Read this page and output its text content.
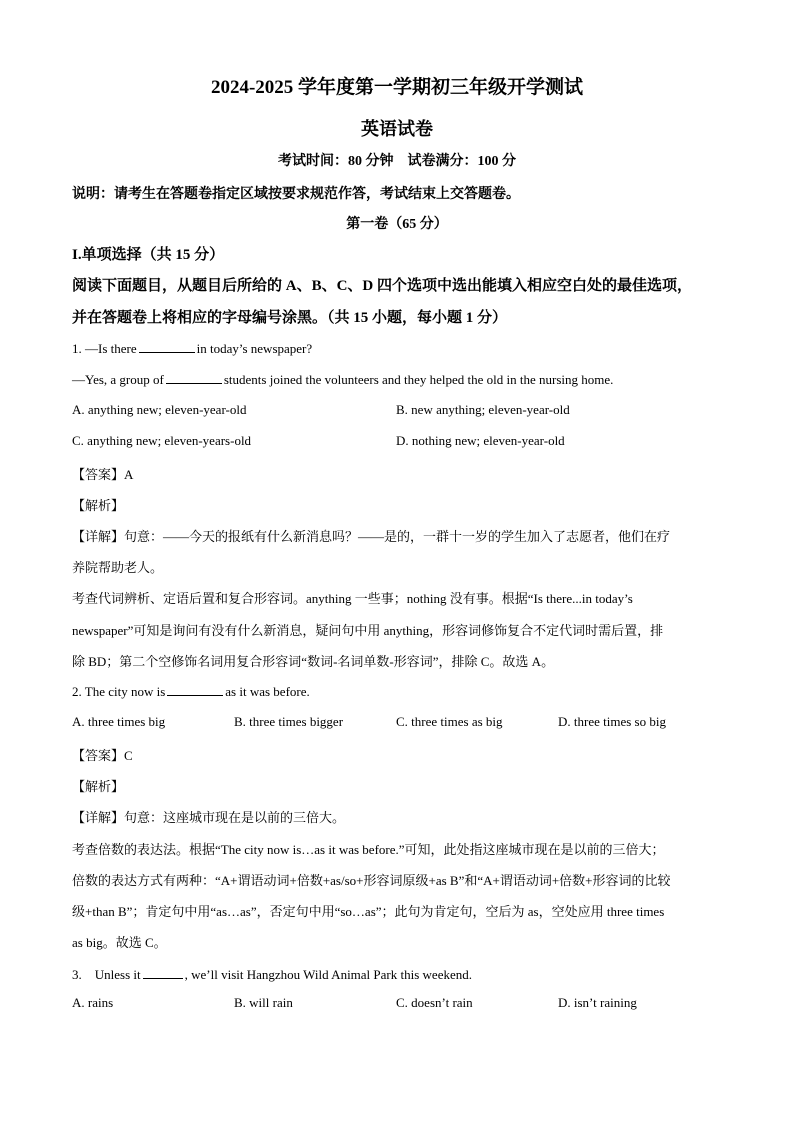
2024-2025 学年度第一学期初三年级开学测试
英语试卷
考试时间：80 分钟　试卷满分：100 分
说明：请考生在答题卷指定区域按要求规范作答，考试结束上交答题卷。
第一卷（65 分）
I.单项选择（共 15 分）
阅读下面题目，从题目后所给的 A、B、C、D 四个选项中选出能填入相应空白处的最佳选项，
并在答题卷上将相应的字母编号涂黑。（共 15 小题，每小题 1 分）
1. —Is there	in today’s newspaper?
—Yes, a group of	students joined the volunteers and they helped the old in the nursing home.
A. anything new; eleven-year-old	B. new anything; eleven-year-old
C. anything new; eleven-years-old	D. nothing new; eleven-year-old
【答案】A
【解析】
【详解】句意：——今天的报纸有什么新消息吗？——是的，一群十一岁的学生加入了志愿者，他们在疗
养院帮助老人。
考查代词辨析、定语后置和复合形容词。anything 一些事；nothing 没有事。根据“Is there...in today’s
newspaper”可知是询问有没有什么新消息，疑问句中用 anything，形容词修饰复合不定代词时需后置，排
除 BD；第二个空修饰名词用复合形容词“数词-名词单数-形容词”，排除 C。故选 A。
2. The city now is	as it was before.
A. three times big	B. three times bigger	C. three times as big	D. three times so big
【答案】C
【解析】
【详解】句意：这座城市现在是以前的三倍大。
考查倍数的表达法。根据“The city now is…as it was before.”可知，此处指这座城市现在是以前的三倍大；
倍数的表达方式有两种：“A+谓语动词+倍数+as/so+形容词原级+as B”和“A+谓语动词+倍数+形容词的比较
级+than B”；肯定句中用“as…as”，否定句中用“so…as”；此句为肯定句，空后为 as，空处应用 three times
as big。故选 C。
3.　Unless it	, we’ll visit Hangzhou Wild Animal Park this weekend.
A. rains	B. will rain	C. doesn’t rain	D. isn’t raining
